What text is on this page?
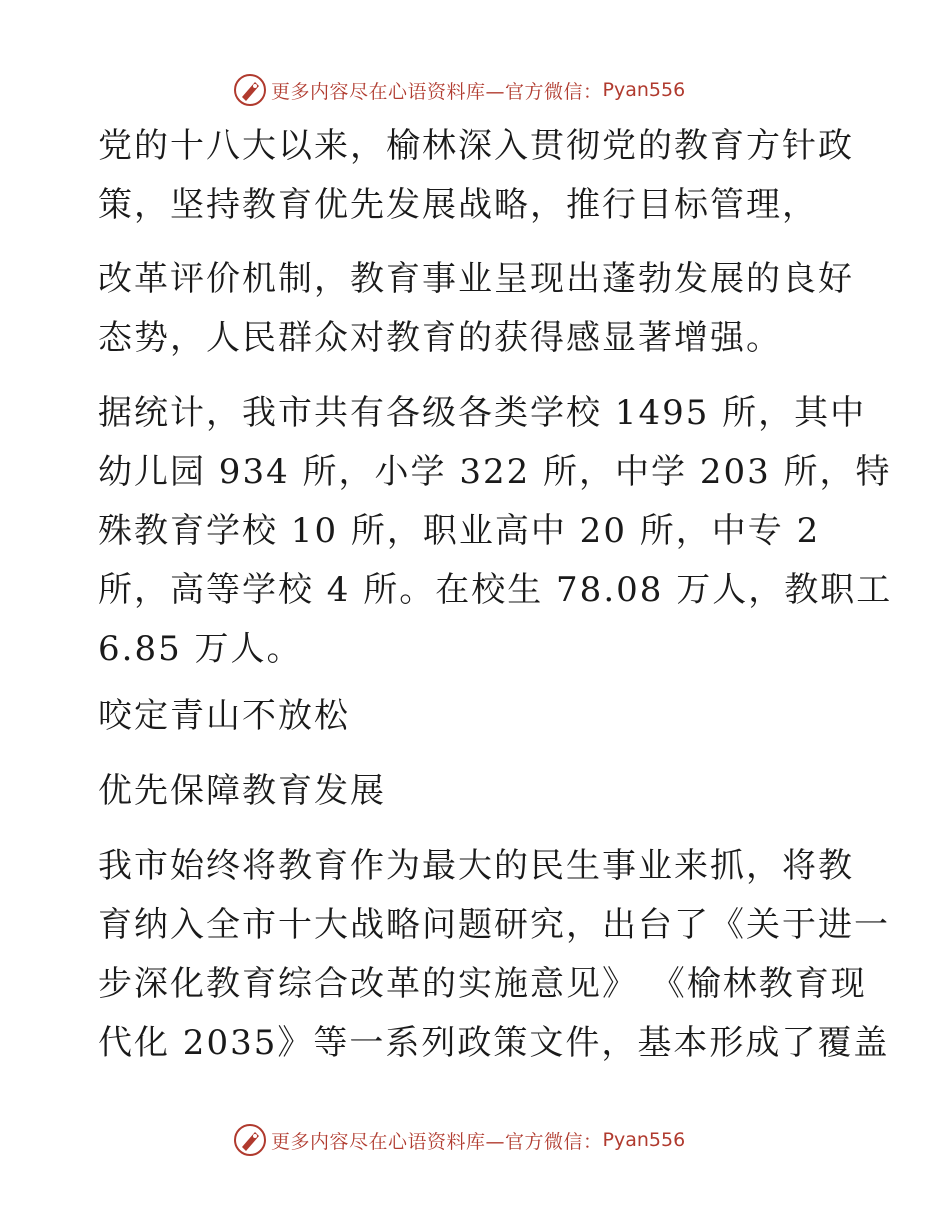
更多内容尽在心语资料库—官方微信： Pyan556

党的十八大以来，榆林深入贯彻党的教育方针政
策，坚持教育优先发展战略，推行目标管理，

改革评价机制，教育事业呈现出蓬勃发展的良好
态势，人民群众对教育的获得感显著增强。

据统计，我市共有各级各类学校 1495 所，其中
幼儿园 934 所，小学 322 所，中学 203 所，特
殊教育学校 10 所，职业高中 20 所，中专 2
所，高等学校 4 所。在校生 78.08 万人，教职工
6.85 万人。

咬定青山不放松

优先保障教育发展

我市始终将教育作为最大的民生事业来抓，将教
育纳入全市十大战略问题研究，出台了《关于进一
步深化教育综合改革的实施意见》 《榆林教育现
代化 2035》等一系列政策文件，基本形成了覆盖

更多内容尽在心语资料库—官方微信： Pyan556
